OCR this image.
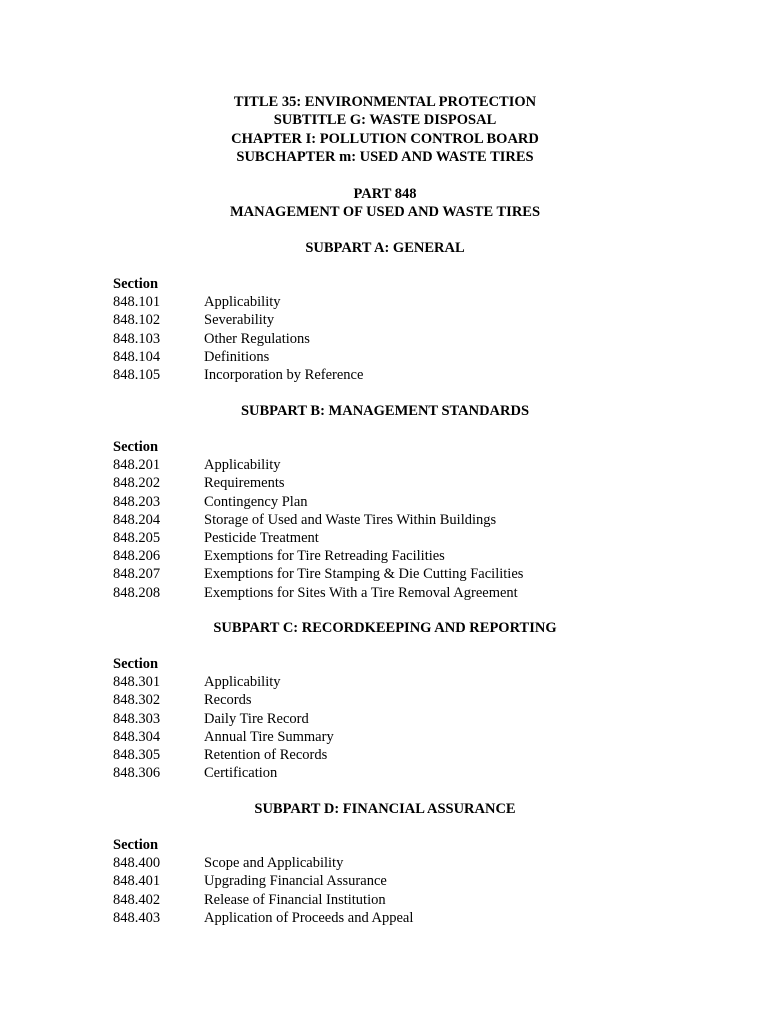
TITLE 35: ENVIRONMENTAL PROTECTION
SUBTITLE G: WASTE DISPOSAL
CHAPTER I: POLLUTION CONTROL BOARD
SUBCHAPTER m: USED AND WASTE TIRES
PART 848
MANAGEMENT OF USED AND WASTE TIRES
SUBPART A: GENERAL
Section
848.101	Applicability
848.102	Severability
848.103	Other Regulations
848.104	Definitions
848.105	Incorporation by Reference
SUBPART B: MANAGEMENT STANDARDS
Section
848.201	Applicability
848.202	Requirements
848.203	Contingency Plan
848.204	Storage of Used and Waste Tires Within Buildings
848.205	Pesticide Treatment
848.206	Exemptions for Tire Retreading Facilities
848.207	Exemptions for Tire Stamping & Die Cutting Facilities
848.208	Exemptions for Sites With a Tire Removal Agreement
SUBPART C: RECORDKEEPING AND REPORTING
Section
848.301	Applicability
848.302	Records
848.303	Daily Tire Record
848.304	Annual Tire Summary
848.305	Retention of Records
848.306	Certification
SUBPART D: FINANCIAL ASSURANCE
Section
848.400	Scope and Applicability
848.401	Upgrading Financial Assurance
848.402	Release of Financial Institution
848.403	Application of Proceeds and Appeal
